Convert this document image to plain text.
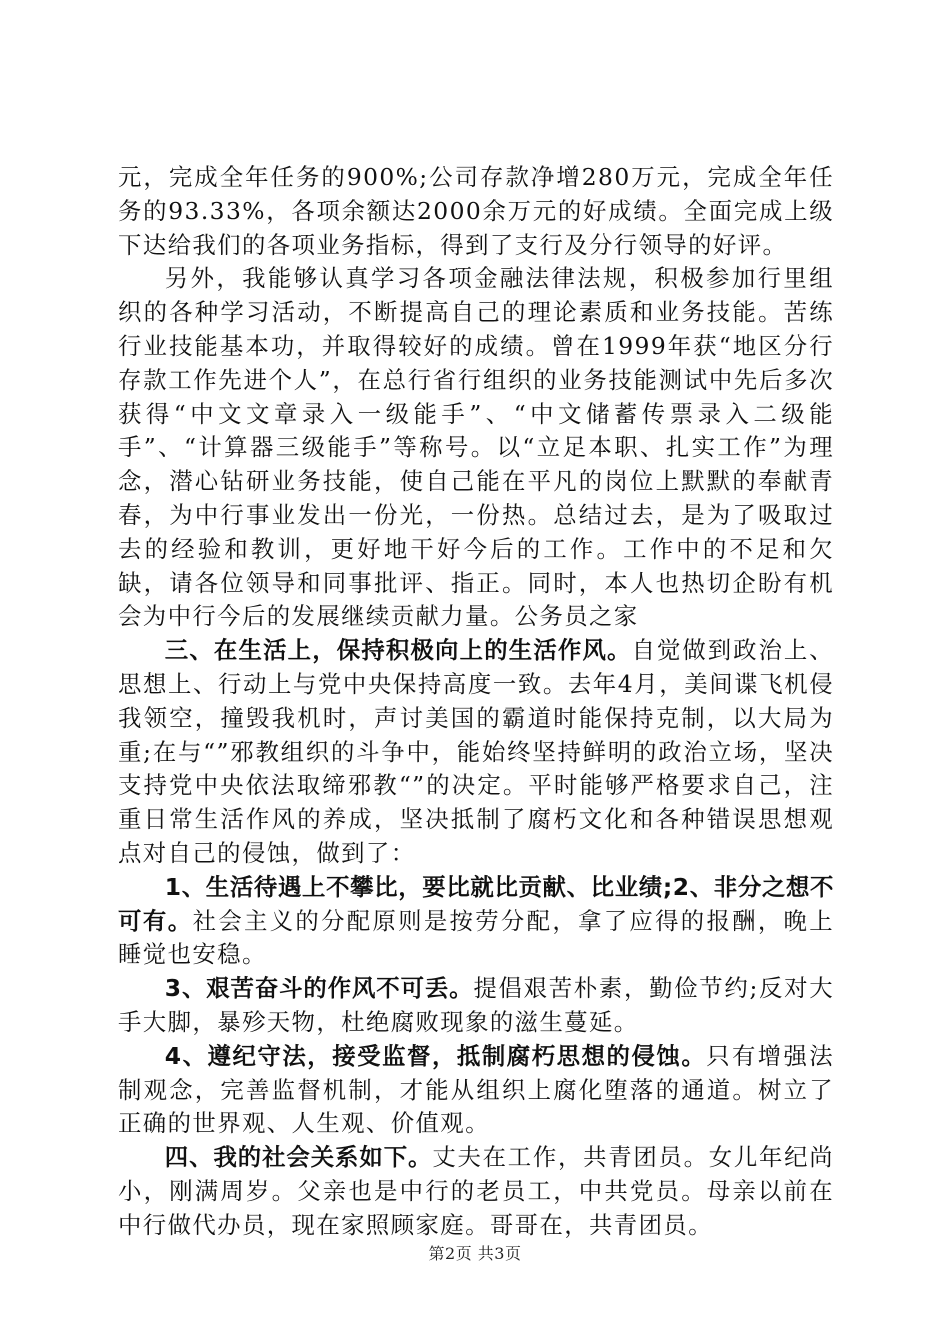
元，完成全年任务的900%;公司存款净增280万元，完成全年任务的93.33%，各项余额达2000余万元的好成绩。全面完成上级下达给我们的各项业务指标，得到了支行及分行领导的好评。

另外，我能够认真学习各项金融法律法规，积极参加行里组织的各种学习活动，不断提高自己的理论素质和业务技能。苦练行业技能基本功，并取得较好的成绩。曾在1999年获“地区分行存款工作先进个人”，在总行省行组织的业务技能测试中先后多次获得“中文文章录入一级能手”、“中文储蓄传票录入二级能手”、“计算器三级能手”等称号。以“立足本职、扎实工作”为理念，潜心钻研业务技能，使自己能在平凡的岗位上默默的奉献青春，为中行事业发出一份光，一份热。总结过去，是为了吸取过去的经验和教训，更好地干好今后的工作。工作中的不足和欠缺，请各位领导和同事批评、指正。同时，本人也热切企盼有机会为中行今后的发展继续贡献力量。公务员之家

三、在生活上，保持积极向上的生活作风。自觉做到政治上、思想上、行动上与党中央保持高度一致。去年4月，美间谍飞机侵我领空，撞毁我机时，声讨美国的霸道时能保持克制，以大局为重;在与“”邪教组织的斗争中，能始终坚持鲜明的政治立场，坚决支持党中央依法取缔邪教“”的决定。平时能够严格要求自己，注重日常生活作风的养成，坚决抵制了腐朽文化和各种错误思想观点对自己的侵蚀，做到了：

1、生活待遇上不攀比，要比就比贡献、比业绩;2、非分之想不可有。社会主义的分配原则是按劳分配，拿了应得的报酬，晚上睡觉也安稳。

3、艰苦奋斗的作风不可丢。提倡艰苦朴素，勤俭节约;反对大手大脚，暴殄天物，杜绝腐败现象的滋生蔓延。

4、遵纪守法，接受监督，抵制腐朽思想的侵蚀。只有增强法制观念，完善监督机制，才能从组织上腐化堕落的通道。树立了正确的世界观、人生观、价值观。

四、我的社会关系如下。丈夫在工作，共青团员。女儿年纪尚小，刚满周岁。父亲也是中行的老员工，中共党员。母亲以前在中行做代办员，现在家照顾家庭。哥哥在，共青团员。

第2页 共3页
